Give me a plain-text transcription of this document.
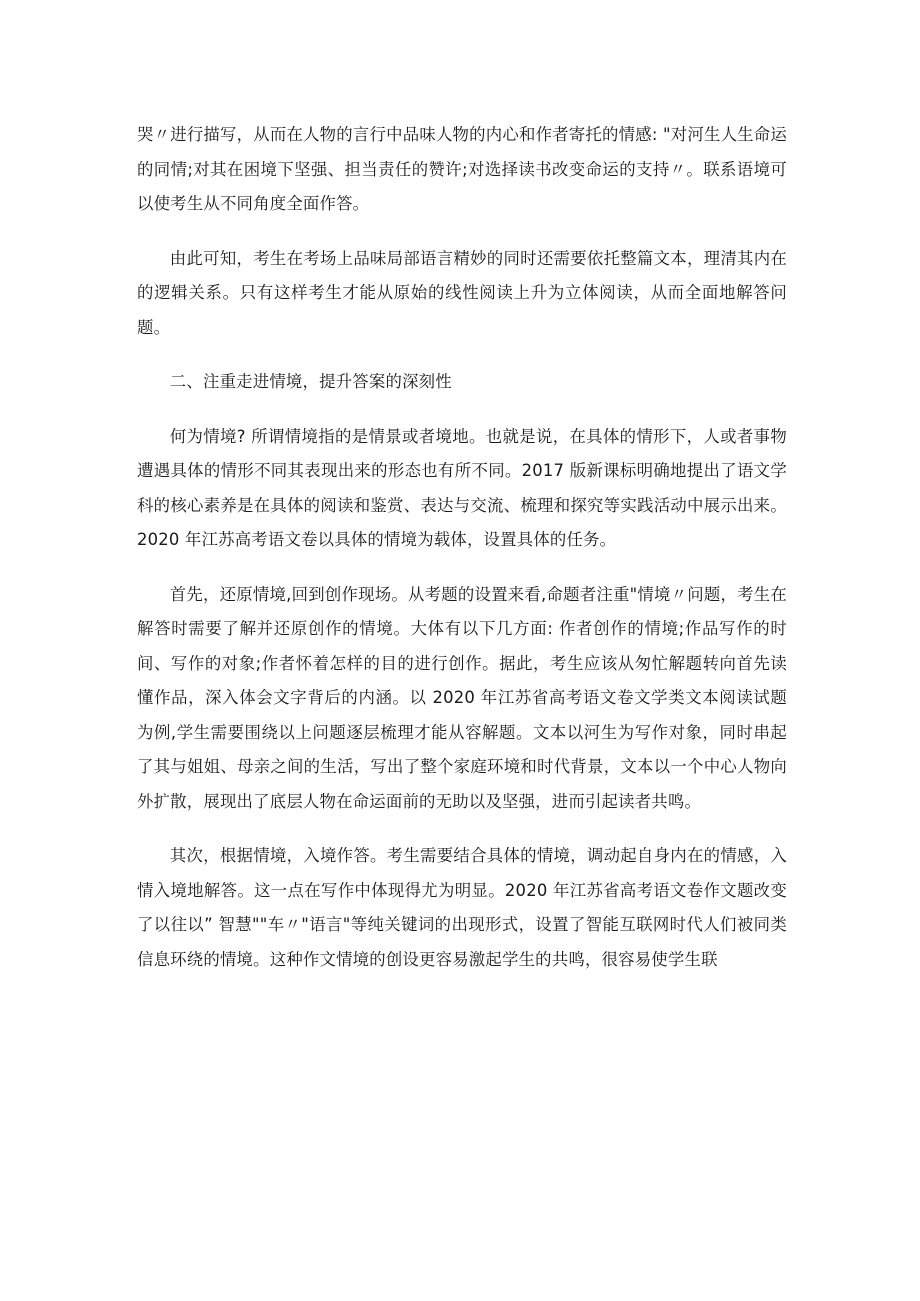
哭〃进行描写，从而在人物的言行中品味人物的内心和作者寄托的情感: "对河生人生命运的同情;对其在困境下坚强、担当责任的赞许;对选择读书改变命运的支持〃。联系语境可以使考生从不同角度全面作答。

由此可知，考生在考场上品味局部语言精妙的同时还需要依托整篇文本，理清其内在的逻辑关系。只有这样考生才能从原始的线性阅读上升为立体阅读，从而全面地解答问题。

二、注重走进情境，提升答案的深刻性

何为情境? 所谓情境指的是情景或者境地。也就是说，在具体的情形下，人或者事物遭遇具体的情形不同其表现出来的形态也有所不同。2017 版新课标明确地提出了语文学科的核心素养是在具体的阅读和鉴赏、表达与交流、梳理和探究等实践活动中展示出来。2020 年江苏高考语文卷以具体的情境为载体，设置具体的任务。

首先，还原情境,回到创作现场。从考题的设置来看,命题者注重"情境〃问题，考生在解答时需要了解并还原创作的情境。大体有以下几方面: 作者创作的情境;作品写作的时间、写作的对象;作者怀着怎样的目的进行创作。据此，考生应该从匆忙解题转向首先读懂作品，深入体会文字背后的内涵。以 2020 年江苏省高考语文卷文学类文本阅读试题为例,学生需要围绕以上问题逐层梳理才能从容解题。文本以河生为写作对象，同时串起了其与姐姐、母亲之间的生活，写出了整个家庭环境和时代背景，文本以一个中心人物向外扩散，展现出了底层人物在命运面前的无助以及坚强，进而引起读者共鸣。

其次，根据情境，入境作答。考生需要结合具体的情境，调动起自身内在的情感，入情入境地解答。这一点在写作中体现得尤为明显。2020 年江苏省高考语文卷作文题改变了以往以” 智慧""车〃"语言"等纯关键词的出现形式，设置了智能互联网时代人们被同类信息环绕的情境。这种作文情境的创设更容易激起学生的共鸣，很容易使学生联
